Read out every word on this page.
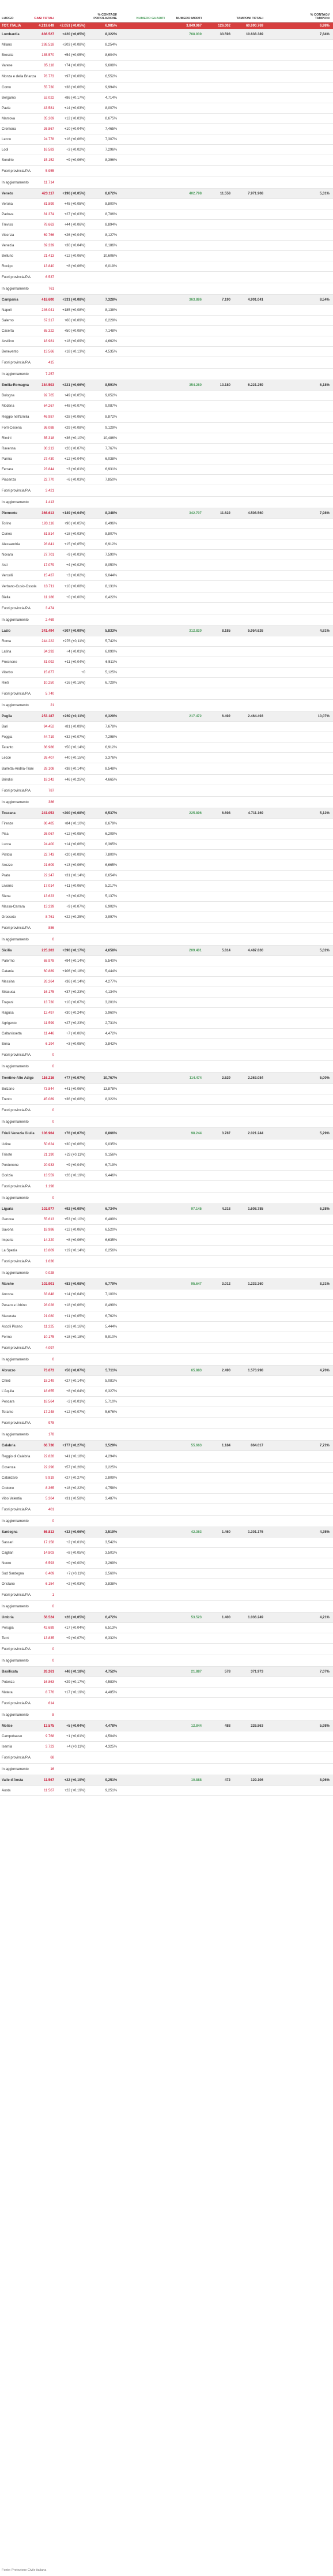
LUOGO	CASI TOTALI
% CONTAGI/ POPOLAZIONE	NUMERO GUARITI	NUMERO MORTI	TAMPONI TOTALI
% CONTAGI/ TAMPONI
TOT. ITALIA	4.219.649	+2.051 (+0,05%)	6,985%	3.849.067	126.002	60.690.769	6,98%
Lombardia	836.527	+420 (+0,05%)	8,322%	768.939	33.593	10.638.389	7,84%
Milano	288.518	+203 (+0,08%)	8,254%
Brescia	135.570	+54 (+0,05%)	8,604%
Varese	85.118	+74 (+0,09%)	9,608%
Monza e della Brianza	76.773	+97 (+0,09%)	6,552%
Como	55.730	+38 (+0,06%)	9,994%
Bergamo	52.022	+86 (+0,17%)	4,714%
Pavia	43.581	+14 (+0,03%)	8,007%
Mantova	35.269	+12 (+0,03%)	8,675%
Cremona	26.867	+10 (+0,04%)	7,465%
Lecco	24.778	+16 (+0,06%)	7,307%
Lodi	16.583	+3 (+0,02%)	7,296%
Sondrio	15.152	+9 (+0,06%)	8,396%
Fuori provincia/P.A.	5.955
In aggiornamento	11.714
Veneto	423.117	+196 (+0,05%)	8,672%	402.798	11.558	7.971.908	5,31%
Verona	81.899	+45 (+0,05%)	8,800%
Padova	81.374	+27 (+0,03%)	8,706%
Treviso	78.663	+44 (+0,06%)	8,894%
Vicenza	69.766	+26 (+0,04%)	8,127%
Venezia	69.339	+30 (+0,04%)	8,186%
Belluno	21.413	+12 (+0,06%)	10,606%
Rovigo	13.840	+8 (+0,06%)	6,019%
Fuori provincia/P.A.	6.537
In aggiornamento	761
Campania	418.600	+331 (+0,08%)	7,328%	363.886	7.190	4.901.041	8,54%
Napoli	246.041	+185 (+0,08%)	8,138%
Salerno	67.317	+60 (+0,09%)	6,229%
Caserta	65.322	+50 (+0,08%)	7,148%
Avellino	18.981	+18 (+0,09%)	4,662%
Benevento	13.566	+18 (+0,13%)	4,535%
Fuori provincia/P.A.	415
In aggiornamento	7.257
Emilia-Romagna	384.503	+221 (+0,06%)	8,591%	354.280	13.180	6.221.259	6,18%
Bologna	92.765	+49 (+0,05%)	9,052%
Modena	64.267	+48 (+0,07%)	9,087%
Reggio nell'Emilia	46.987	+28 (+0,06%)	8,872%
Forlì-Cesena	36.088	+29 (+0,08%)	9,129%
Rimini	35.318	+36 (+0,10%)	10,486%
Ravenna	30.213	+20 (+0,07%)	7,767%
Parma	27.430	+12 (+0,04%)	6,038%
Ferrara	23.844	+3 (+0,01%)	6,931%
Piacenza	22.770	+6 (+0,03%)	7,850%
Fuori provincia/P.A.	3.421
In aggiornamento	1.413
Piemonte	366.613	+149 (+0,04%)	8,348%	342.707	11.622	4.508.560	7,98%
Torino	193.116	+90 (+0,05%)	8,496%
Cuneo	51.814	+18 (+0,03%)	8,807%
Alessandria	28.841	+15 (+0,05%)	6,912%
Novara	27.701	+9 (+0,03%)	7,590%
Asti	17.079	+4 (+0,02%)	8,050%
Vercelli	15.437	+3 (+0,02%)	9,044%
Verbano-Cusio-Ossola	13.711	+10 (+0,08%)	8,131%
Biella	11.186	+0 (+0,00%)	6,422%
Fuori provincia/P.A.	3.474
In aggiornamento	2.469
Lazio	341.494	+307 (+0,09%)	5,833%	312.820	8.185	5.954.626	4,81%
Roma	244.222	+276 (+0,11%)	5,742%
Latina	34.292	+4 (+0,01%)	6,090%
Frosinone	31.092	+11 (+0,04%)	6,511%
Viterbo	15.877	+0	5,125%
Rieti	10.250	+16 (+0,16%)	6,729%
Fuori provincia/P.A.	5.740
In aggiornamento	21
Puglia	253.187	+269 (+0,11%)	6,329%	217.472	6.492	2.464.493	10,07%
Bari	94.452	+81 (+0,09%)	7,678%
Foggia	44.719	+32 (+0,07%)	7,298%
Taranto	36.986	+50 (+0,14%)	6,912%
Lecce	26.407	+40 (+0,15%)	3,376%
Barletta-Andria-Trani	28.108	+38 (+0,14%)	8,548%
Brindisi	18.242	+46 (+0,25%)	4,665%
Fuori provincia/P.A.	787
In aggiornamento	386
Toscana	241.053	+200 (+0,08%)	6,537%	225.896	6.698	4.711.169	5,12%
Firenze	86.485	+84 (+0,10%)	8,679%
Pisa	26.067	+12 (+0,05%)	6,209%
Lucca	24.400	+14 (+0,06%)	6,365%
Pistoia	22.743	+20 (+0,09%)	7,800%
Arezzo	21.609	+13 (+0,06%)	6,665%
Prato	22.247	+31 (+0,14%)	8,654%
Livorno	17.014	+11 (+0,06%)	5,217%
Siena	13.623	+3 (+0,02%)	5,137%
Massa-Carrara	13.239	+9 (+0,07%)	6,902%
Grosseto	8.761	+22 (+0,25%)	3,997%
Fuori provincia/P.A.	886
In aggiornamento	0
Sicilia	225.203	+390 (+0,17%)	4,658%	209.401	5.814	4.487.830	5,02%
Palermo	68.978	+94 (+0,14%)	5,540%
Catania	60.889	+106 (+0,18%)	5,444%
Messina	26.264	+36 (+0,14%)	4,277%
Siracusa	16.175	+37 (+0,23%)	4,134%
Trapani	13.730	+10 (+0,07%)	3,201%
Ragusa	12.497	+30 (+0,24%)	3,960%
Agrigento	11.599	+27 (+0,23%)	2,731%
Caltanissetta	11.446	+7 (+0,06%)	4,472%
Enna	6.194	+3 (+0,05%)	3,842%
Fuori provincia/P.A.	0
In aggiornamento	0
Trentino-Alto Adige	116.216	+77 (+0,07%)	10,767%	114.474	2.529	2.363.084	5,00%
Bolzano	73.844	+41 (+0,06%)	13,878%
Trento	45.089	+36 (+0,08%)	8,322%
Fuori provincia/P.A.	0
In aggiornamento	0
Friuli Venezia Giulia	106.964	+76 (+0,07%)	8,866%	98.244	3.787	2.021.244	5,29%
Udine	50.624	+30 (+0,06%)	9,035%
Trieste	21.190	+23 (+0,11%)	9,156%
Pordenone	20.933	+9 (+0,04%)	6,719%
Gorizia	13.559	+26 (+0,19%)	9,446%
Fuori provincia/P.A.	1.198
In aggiornamento	0
Liguria	102.977	+92 (+0,09%)	6,734%	97.145	4.318	1.608.785	6,38%
Genova	55.613	+53 (+0,10%)	6,489%
Savona	18.986	+12 (+0,06%)	6,520%
Imperia	14.320	+8 (+0,06%)	6,635%
La Spezia	13.809	+19 (+0,14%)	6,256%
Fuori provincia/P.A.	1.636
In aggiornamento	0.028
Marche	102.901	+83 (+0,08%)	6,779%	95.647	3.012	1.233.360	8,31%
Ancona	33.848	+14 (+0,04%)	7,100%
Pesaro e Urbino	28.028	+18 (+0,06%)	8,499%
Macerata	21.080	+11 (+0,05%)	6,762%
Ascoli Piceno	11.225	+18 (+0,16%)	5,444%
Fermo	10.175	+18 (+0,18%)	5,910%
Fuori provincia/P.A.	4.097
In aggiornamento	0
Abruzzo	73.673	+50 (+0,07%)	5,711%	65.883	2.490	1.573.998	4,70%
Chieti	18.249	+27 (+0,14%)	5,081%
L'Aquila	18.655	+8 (+0,04%)	6,327%
Pescara	18.564	+2 (+0,01%)	5,710%
Teramo	17.248	+12 (+0,07%)	5,676%
Fuori provincia/P.A.	978
In aggiornamento	178
Calabria	66.736	+177 (+0,27%)	3,529%	55.663	1.184	864.017	7,72%
Reggio di Calabria	22.828	+41 (+0,18%)	4,294%
Cosenza	22.296	+57 (+0,26%)	3,225%
Catanzaro	9.919	+27 (+0,27%)	2,809%
Crotone	8.365	+18 (+0,22%)	4,758%
Vibo Valentia	5.364	+31 (+0,58%)	3,487%
Fuori provincia/P.A.	401
In aggiornamento	0
Sardegna	56.813	+32 (+0,06%)	3,519%	42.363	1.460	1.301.176	4,35%
Sassari	17.158	+2 (+0,01%)	3,542%
Cagliari	14.803	+8 (+0,05%)	3,501%
Nuoro	6.593	+0 (+0,00%)	3,269%
Sud Sardegna	6.409	+7 (+0,11%)	2,560%
Oristano	6.154	+2 (+0,03%)	3,838%
Fuori provincia/P.A.	1
In aggiornamento	0
Umbria	56.524	+26 (+0,05%)	6,472%	53.523	1.400	1.036.249	4,21%
Perugia	42.689	+17 (+0,04%)	6,513%
Terni	13.835	+9 (+0,07%)	6,332%
Fuori provincia/P.A.	0
In aggiornamento	0
Basilicata	26.261	+46 (+0,18%)	4,752%	21.887	578	371.973	7,07%
Potenza	16.863	+29 (+0,17%)	4,583%
Matera	8.776	+17 (+0,19%)	4,485%
Fuori provincia/P.A.	614
In aggiornamento	8
Molise	13.575	+5 (+0,04%)	4,478%	12.844	488	226.863	5,98%
Campobasso	9.768	+1 (+0,01%)	4,504%
Isernia	3.723	+4 (+0,11%)	4,325%
Fuori provincia/P.A.	68
In aggiornamento	16
Valle d'Aosta	11.567	+22 (+0,19%)	9,251%	10.888	472	129.106	8,96%
Aosta	11.567	+22 (+0,19%)	9,251%
Fonte: Protezione Civile italiana
